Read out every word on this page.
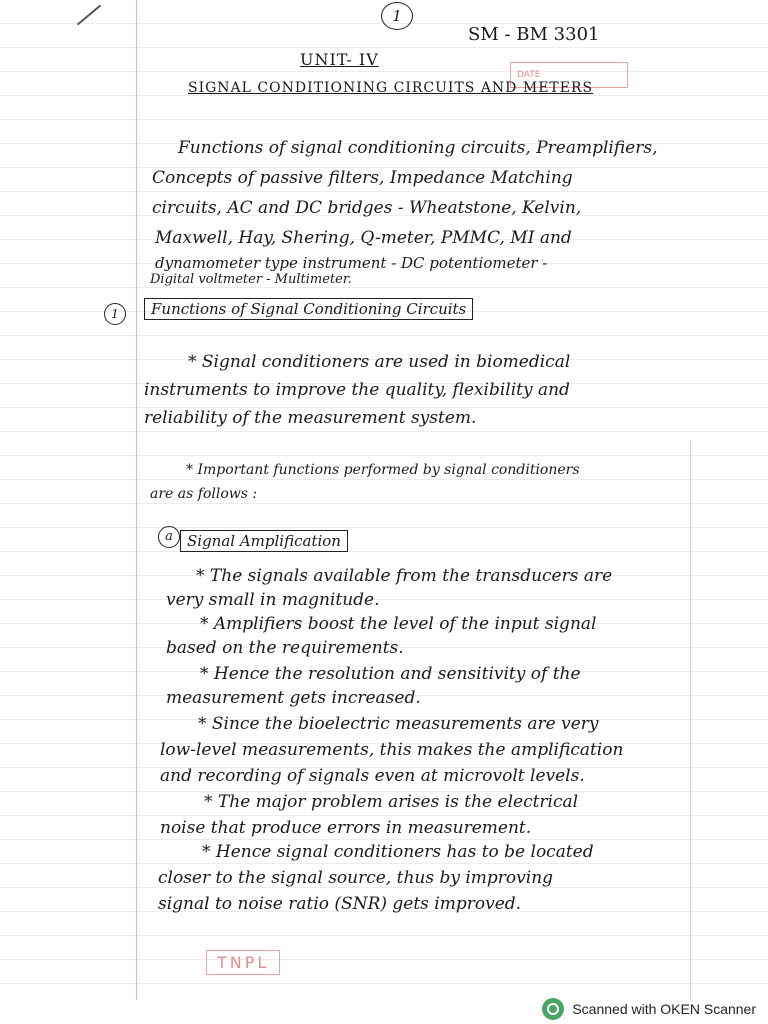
1
SM - BM 3301
DATE
UNIT- IV
SIGNAL CONDITIONING CIRCUITS AND METERS
Functions of signal conditioning circuits, Preamplifiers,
Concepts of passive filters, Impedance Matching
circuits, AC and DC bridges - Wheatstone, Kelvin,
Maxwell, Hay, Shering, Q-meter, PMMC, MI and
dynamometer type instrument - DC potentiometer -
Digital voltmeter - Multimeter.
1	Functions of Signal Conditioning Circuits
* Signal conditioners are used in biomedical
instruments to improve the quality, flexibility and
reliability of the measurement system.
* Important functions performed by signal conditioners
are as follows :
a Signal Amplification
* The signals available from the transducers are
very small in magnitude.
* Amplifiers boost the level of the input signal
based on the requirements.
* Hence the resolution and sensitivity of the
measurement gets increased.
* Since the bioelectric measurements are very
low-level measurements, this makes the amplification
and recording of signals even at microvolt levels.
* The major problem arises is the electrical
noise that produce errors in measurement.
* Hence signal conditioners has to be located
closer to the signal source, thus by improving
signal to noise ratio (SNR) gets improved.
TNPL
Scanned with OKEN Scanner
